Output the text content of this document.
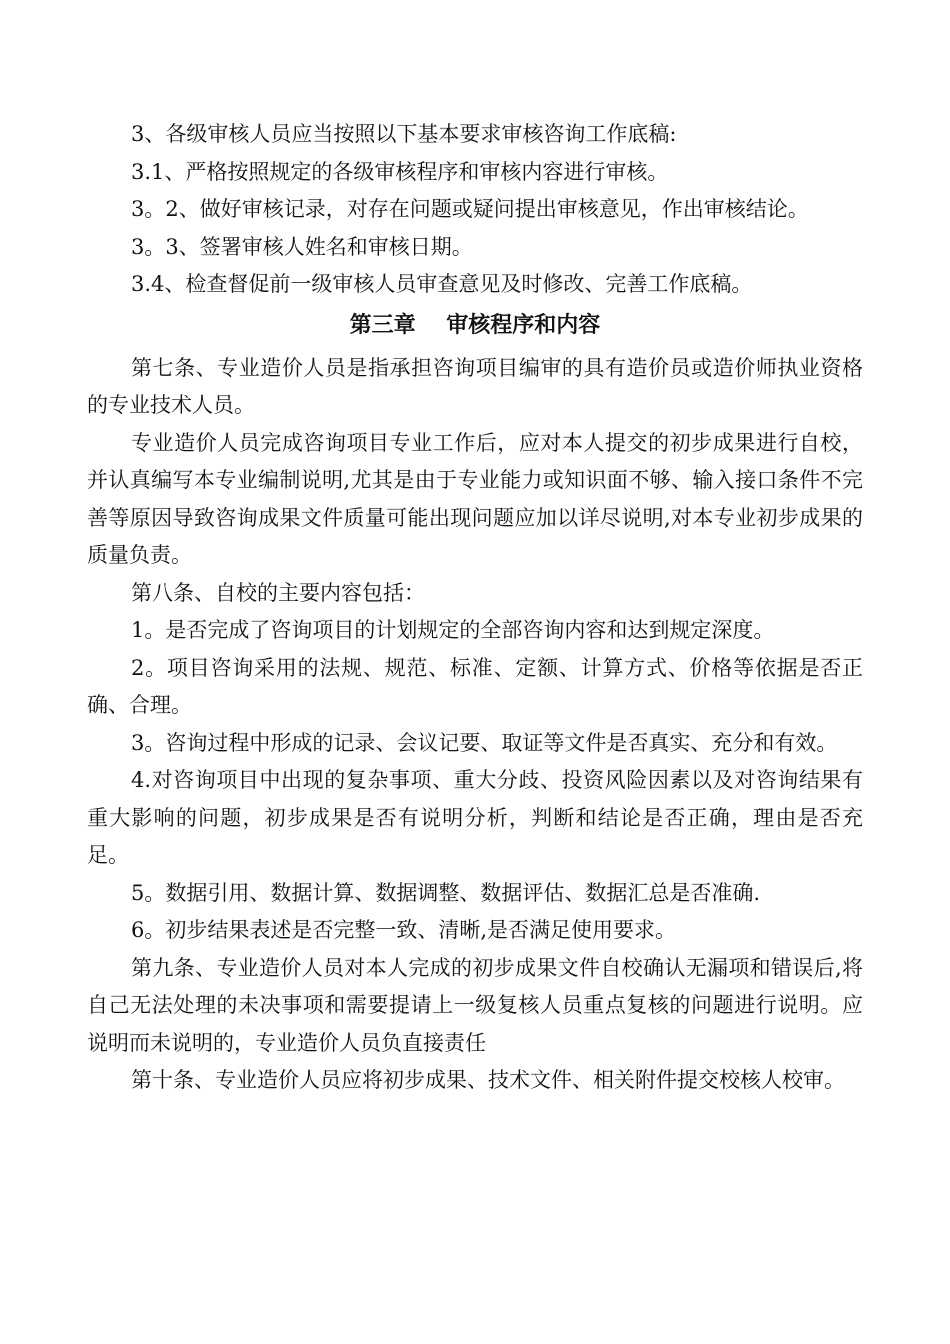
3、各级审核人员应当按照以下基本要求审核咨询工作底稿:

3.1、严格按照规定的各级审核程序和审核内容进行审核。

3。2、做好审核记录，对存在问题或疑问提出审核意见，作出审核结论。

3。3、签署审核人姓名和审核日期。

3.4、检查督促前一级审核人员审查意见及时修改、完善工作底稿。

第三章    审核程序和内容

第七条、专业造价人员是指承担咨询项目编审的具有造价员或造价师执业资格的专业技术人员。

专业造价人员完成咨询项目专业工作后，应对本人提交的初步成果进行自校，并认真编写本专业编制说明,尤其是由于专业能力或知识面不够、输入接口条件不完善等原因导致咨询成果文件质量可能出现问题应加以详尽说明,对本专业初步成果的质量负责。

第八条、自校的主要内容包括：

1。是否完成了咨询项目的计划规定的全部咨询内容和达到规定深度。

2。项目咨询采用的法规、规范、标准、定额、计算方式、价格等依据是否正确、合理。

3。咨询过程中形成的记录、会议记要、取证等文件是否真实、充分和有效。

4.对咨询项目中出现的复杂事项、重大分歧、投资风险因素以及对咨询结果有重大影响的问题，初步成果是否有说明分析，判断和结论是否正确，理由是否充足。

5。数据引用、数据计算、数据调整、数据评估、数据汇总是否准确.

6。初步结果表述是否完整一致、清晰,是否满足使用要求。

第九条、专业造价人员对本人完成的初步成果文件自校确认无漏项和错误后,将自己无法处理的未决事项和需要提请上一级复核人员重点复核的问题进行说明。应说明而未说明的，专业造价人员负直接责任

第十条、专业造价人员应将初步成果、技术文件、相关附件提交校核人校审。
